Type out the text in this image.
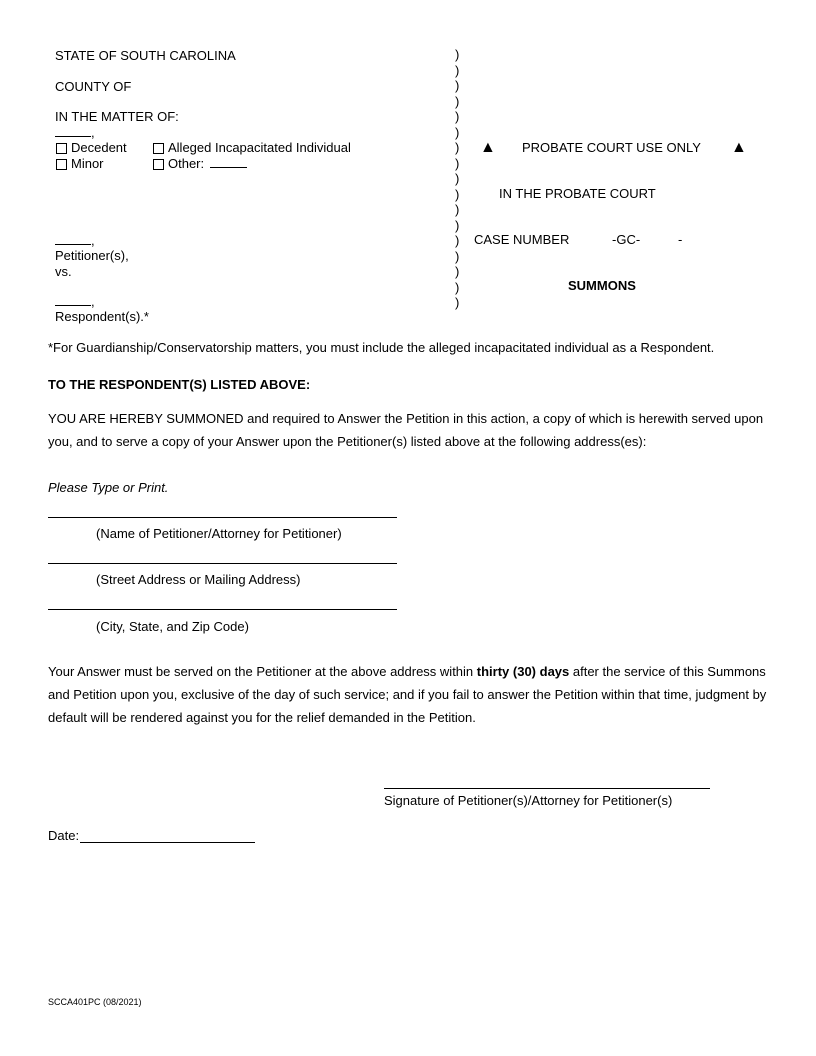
STATE OF SOUTH CAROLINA
COUNTY OF
IN THE MATTER OF:
,
Decedent	Alleged Incapacitated Individual
Minor	Other:
,
Petitioner(s),
vs.
,
Respondent(s).*
)
)
)
)
)
)
)
)
)
)
)
)
)
)
)
)
)
▲ PROBATE COURT USE ONLY ▲
IN THE PROBATE COURT
CASE NUMBER	-GC-	-
SUMMONS
*For Guardianship/Conservatorship matters, you must include the alleged incapacitated individual as a Respondent.
TO THE RESPONDENT(S) LISTED ABOVE:
YOU ARE HEREBY SUMMONED and required to Answer the Petition in this action, a copy of which is herewith served upon you, and to serve a copy of your Answer upon the Petitioner(s) listed above at the following address(es):
Please Type or Print.
(Name of Petitioner/Attorney for Petitioner)
(Street Address or Mailing Address)
(City, State, and Zip Code)
Your Answer must be served on the Petitioner at the above address within thirty (30) days after the service of this Summons and Petition upon you, exclusive of the day of such service; and if you fail to answer the Petition within that time, judgment by default will be rendered against you for the relief demanded in the Petition.
Signature of Petitioner(s)/Attorney for Petitioner(s)
Date:
SCCA401PC (08/2021)
